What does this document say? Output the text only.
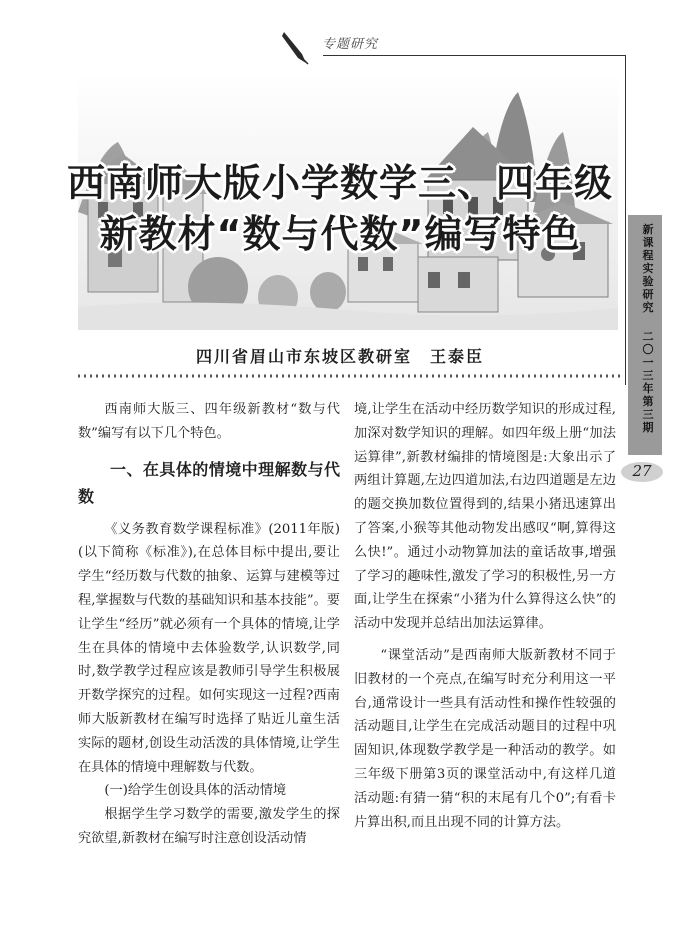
专题研究
西南师大版小学数学三、四年级
新教材“数与代数”编写特色
四川省眉山市东坡区教研室　王泰臣
新课程实验研究
二〇一三年第三期
27

西南师大版三、四年级新教材“数与代数”编写有以下几个特色。

一、在具体的情境中理解数与代数

《义务教育数学课程标准》(2011年版)(以下简称《标准》),在总体目标中提出,要让学生“经历数与代数的抽象、运算与建模等过程,掌握数与代数的基础知识和基本技能”。要让学生“经历”就必须有一个具体的情境,让学生在具体的情境中去体验数学,认识数学,同时,数学教学过程应该是教师引导学生积极展开数学探究的过程。如何实现这一过程?西南师大版新教材在编写时选择了贴近儿童生活实际的题材,创设生动活泼的具体情境,让学生在具体的情境中理解数与代数。

(一)给学生创设具体的活动情境

根据学生学习数学的需要,激发学生的探究欲望,新教材在编写时注意创设活动情

境,让学生在活动中经历数学知识的形成过程,加深对数学知识的理解。如四年级上册“加法运算律”,新教材编排的情境图是:大象出示了两组计算题,左边四道加法,右边四道题是左边的题交换加数位置得到的,结果小猪迅速算出了答案,小猴等其他动物发出感叹“啊,算得这么快!”。通过小动物算加法的童话故事,增强了学习的趣味性,激发了学习的积极性,另一方面,让学生在探索“小猪为什么算得这么快”的活动中发现并总结出加法运算律。

“课堂活动”是西南师大版新教材不同于旧教材的一个亮点,在编写时充分利用这一平台,通常设计一些具有活动性和操作性较强的活动题目,让学生在完成活动题目的过程中巩固知识,体现数学教学是一种活动的教学。如三年级下册第3页的课堂活动中,有这样几道活动题:有猜一猜“积的末尾有几个0”;有看卡片算出积,而且出现不同的计算方法。
